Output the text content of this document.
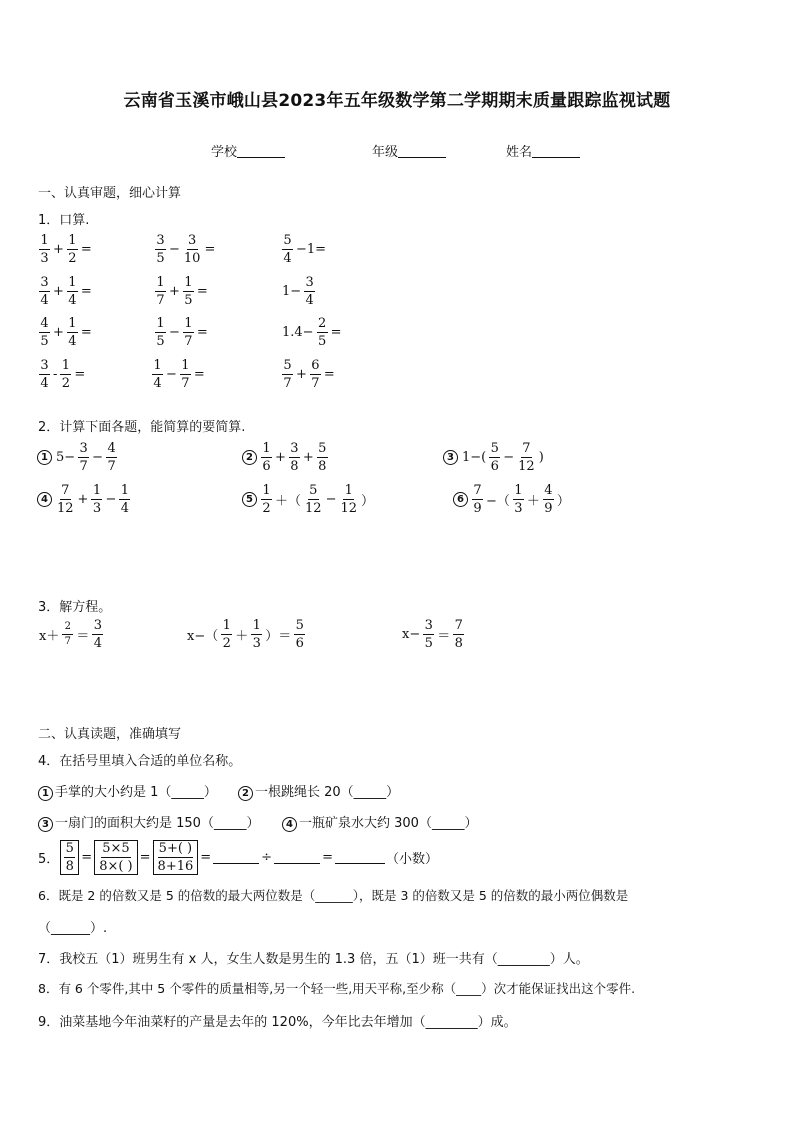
云南省玉溪市峨山县2023年五年级数学第二学期期末质量跟踪监视试题
学校	年级	姓名
一、认真审题，细心计算
1．口算.
$\frac{1}{3} + \frac{1}{2}$ =	$\frac{3}{5} - \frac{3}{10}$ =	$\frac{5}{4} -1=$
$\frac{3}{4} + \frac{1}{4}$ =	$\frac{1}{7} + \frac{1}{5}$ =	$1- \frac{3}{4}$
$\frac{4}{5} + \frac{1}{4}$ =	$\frac{1}{5} - \frac{1}{7}$ =	$1.4- \frac{2}{5}$ =
$\frac{3}{4} - \frac{1}{2}$ =	$\frac{1}{4} - \frac{1}{7}$ =	$\frac{5}{7} + \frac{6}{7}$ =
2．计算下面各题，能简算的要简算.
1 $5- \frac{3}{7} - \frac{4}{7}$	$2 \frac{1}{6} + \frac{3}{8} + \frac{5}{8}$	3 $1-( \frac{5}{6} - \frac{7}{12}$ )
$4 \frac{7}{12} + \frac{1}{3} - \frac{1}{4}$	$5 \frac{1}{2}$ ＋（ $\frac{5}{12} - \frac{1}{12}$ ）	$6 \frac{7}{9}$ −（ $\frac{1}{3} + \frac{4}{9}$ ）
3．解方程。
$x+ \frac{2}{7} = \frac{3}{4}$	$x-( \frac{1}{2} + \frac{1}{3}$ ）＝ $\frac{5}{6}$	$x- \frac{3}{5} = \frac{7}{8}$
二、认真读题，准确填写
4．在括号里填入合适的单位名称。
1 手掌的大小约是 1（_____）	2 一根跳绳长 20（_____）
3 一扇门的面积大约是 150（_____）	4 一瓶矿泉水大约 300（_____）
5． $\frac{5}{8} = \frac{5\times 5}{8\times( )} = \frac{5+( )}{8+16}$ =	÷	=	（小数）
6．既是 2 的倍数又是 5 的倍数的最大两位数是（______），既是 3 的倍数又是 5 的倍数的最小两位偶数是
（______）.
7．我校五（1）班男生有 x 人，女生人数是男生的 1.3 倍，五（1）班一共有（________）人。
8．有 6 个零件,其中 5 个零件的质量相等,另一个轻一些,用天平称,至少称（____）次才能保证找出这个零件.
9．油菜基地今年油菜籽的产量是去年的 120%，今年比去年增加（________）成。
